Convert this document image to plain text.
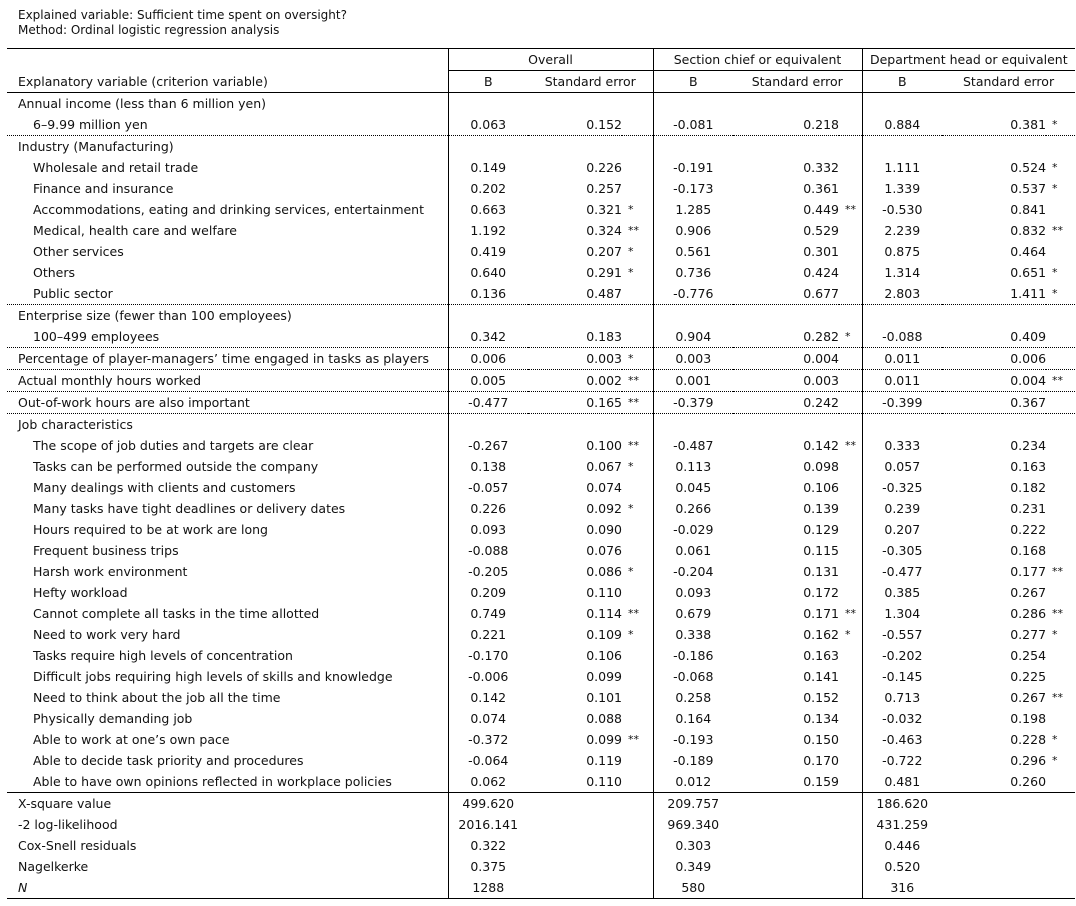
Explained variable: Sufficient time spent on oversight?
Method: Ordinal logistic regression analysis
	Overall			Section chief or equivalent			Department head or equivalent		
Explanatory variable (criterion variable)	B	Standard error		B	Standard error		B	Standard error	
Annual income (less than 6 million yen)									
6–9.99 million yen	0.063	0.152		-0.081	0.218		0.884	0.381	*
Industry (Manufacturing)									
Wholesale and retail trade	0.149	0.226		-0.191	0.332		1.111	0.524	*
Finance and insurance	0.202	0.257		-0.173	0.361		1.339	0.537	*
Accommodations, eating and drinking services, entertainment	0.663	0.321	*	1.285	0.449	**	-0.530	0.841	
Medical, health care and welfare	1.192	0.324	**	0.906	0.529		2.239	0.832	**
Other services	0.419	0.207	*	0.561	0.301		0.875	0.464	
Others	0.640	0.291	*	0.736	0.424		1.314	0.651	*
Public sector	0.136	0.487		-0.776	0.677		2.803	1.411	*
Enterprise size (fewer than 100 employees)									
100–499 employees	0.342	0.183		0.904	0.282	*	-0.088	0.409	
Percentage of player-managers’ time engaged in tasks as players	0.006	0.003	*	0.003	0.004		0.011	0.006	
Actual monthly hours worked	0.005	0.002	**	0.001	0.003		0.011	0.004	**
Out-of-work hours are also important	-0.477	0.165	**	-0.379	0.242		-0.399	0.367	
Job characteristics									
The scope of job duties and targets are clear	-0.267	0.100	**	-0.487	0.142	**	0.333	0.234	
Tasks can be performed outside the company	0.138	0.067	*	0.113	0.098		0.057	0.163	
Many dealings with clients and customers	-0.057	0.074		0.045	0.106		-0.325	0.182	
Many tasks have tight deadlines or delivery dates	0.226	0.092	*	0.266	0.139		0.239	0.231	
Hours required to be at work are long	0.093	0.090		-0.029	0.129		0.207	0.222	
Frequent business trips	-0.088	0.076		0.061	0.115		-0.305	0.168	
Harsh work environment	-0.205	0.086	*	-0.204	0.131		-0.477	0.177	**
Hefty workload	0.209	0.110		0.093	0.172		0.385	0.267	
Cannot complete all tasks in the time allotted	0.749	0.114	**	0.679	0.171	**	1.304	0.286	**
Need to work very hard	0.221	0.109	*	0.338	0.162	*	-0.557	0.277	*
Tasks require high levels of concentration	-0.170	0.106		-0.186	0.163		-0.202	0.254	
Difficult jobs requiring high levels of skills and knowledge	-0.006	0.099		-0.068	0.141		-0.145	0.225	
Need to think about the job all the time	0.142	0.101		0.258	0.152		0.713	0.267	**
Physically demanding job	0.074	0.088		0.164	0.134		-0.032	0.198	
Able to work at one’s own pace	-0.372	0.099	**	-0.193	0.150		-0.463	0.228	*
Able to decide task priority and procedures	-0.064	0.119		-0.189	0.170		-0.722	0.296	*
Able to have own opinions reflected in workplace policies	0.062	0.110		0.012	0.159		0.481	0.260	
X-square value	499.620			209.757			186.620		
-2 log-likelihood	2016.141			969.340			431.259		
Cox-Snell residuals	0.322			0.303			0.446		
Nagelkerke	0.375			0.349			0.520		
N	1288			580			316		
